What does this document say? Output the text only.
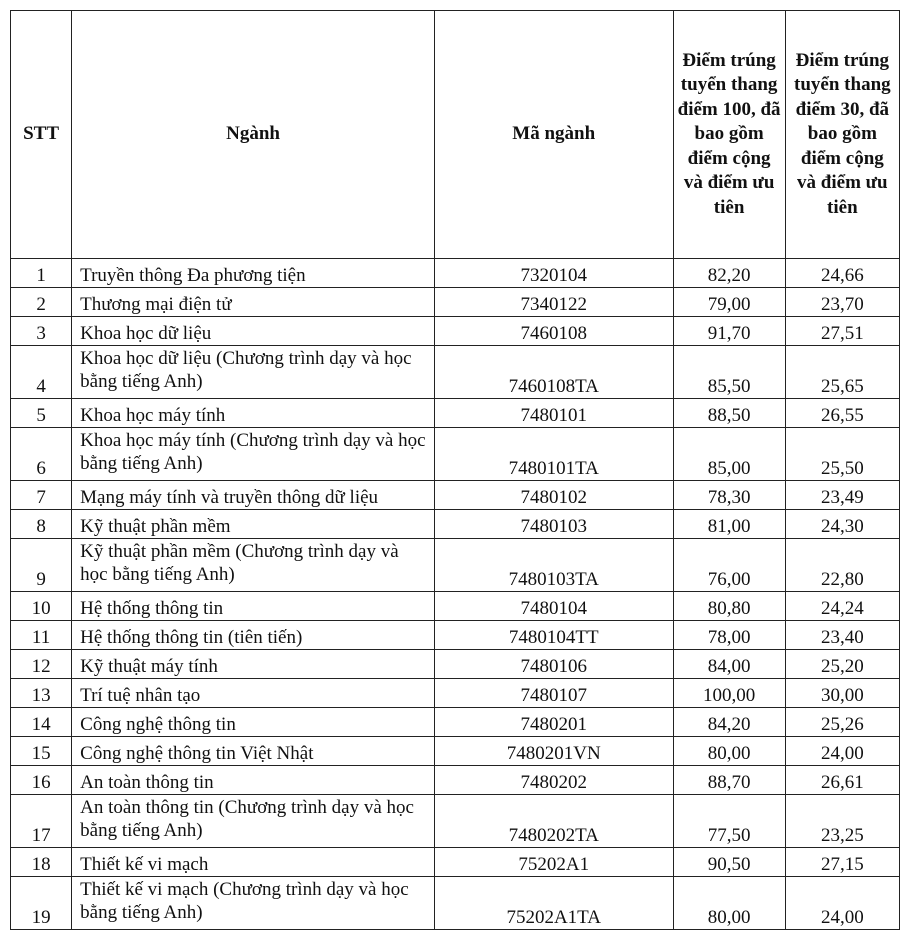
STT	Ngành	Mã ngành	Điểm trúng tuyển thang điểm 100, đã bao gồm điểm cộng và điểm ưu tiên	Điểm trúng tuyển thang điểm 30, đã bao gồm điểm cộng và điểm ưu tiên
1	Truyền thông Đa phương tiện	7320104	82,20	24,66
2	Thương mại điện tử	7340122	79,00	23,70
3	Khoa học dữ liệu	7460108	91,70	27,51
4	Khoa học dữ liệu (Chương trình dạy và học bằng tiếng Anh)	7460108TA	85,50	25,65
5	Khoa học máy tính	7480101	88,50	26,55
6	Khoa học máy tính (Chương trình dạy và học bằng tiếng Anh)	7480101TA	85,00	25,50
7	Mạng máy tính và truyền thông dữ liệu	7480102	78,30	23,49
8	Kỹ thuật phần mềm	7480103	81,00	24,30
9	Kỹ thuật phần mềm (Chương trình dạy và học bằng tiếng Anh)	7480103TA	76,00	22,80
10	Hệ thống thông tin	7480104	80,80	24,24
11	Hệ thống thông tin (tiên tiến)	7480104TT	78,00	23,40
12	Kỹ thuật máy tính	7480106	84,00	25,20
13	Trí tuệ nhân tạo	7480107	100,00	30,00
14	Công nghệ thông tin	7480201	84,20	25,26
15	Công nghệ thông tin Việt Nhật	7480201VN	80,00	24,00
16	An toàn thông tin	7480202	88,70	26,61
17	An toàn thông tin (Chương trình dạy và học bằng tiếng Anh)	7480202TA	77,50	23,25
18	Thiết kế vi mạch	75202A1	90,50	27,15
19	Thiết kế vi mạch (Chương trình dạy và học bằng tiếng Anh)	75202A1TA	80,00	24,00
